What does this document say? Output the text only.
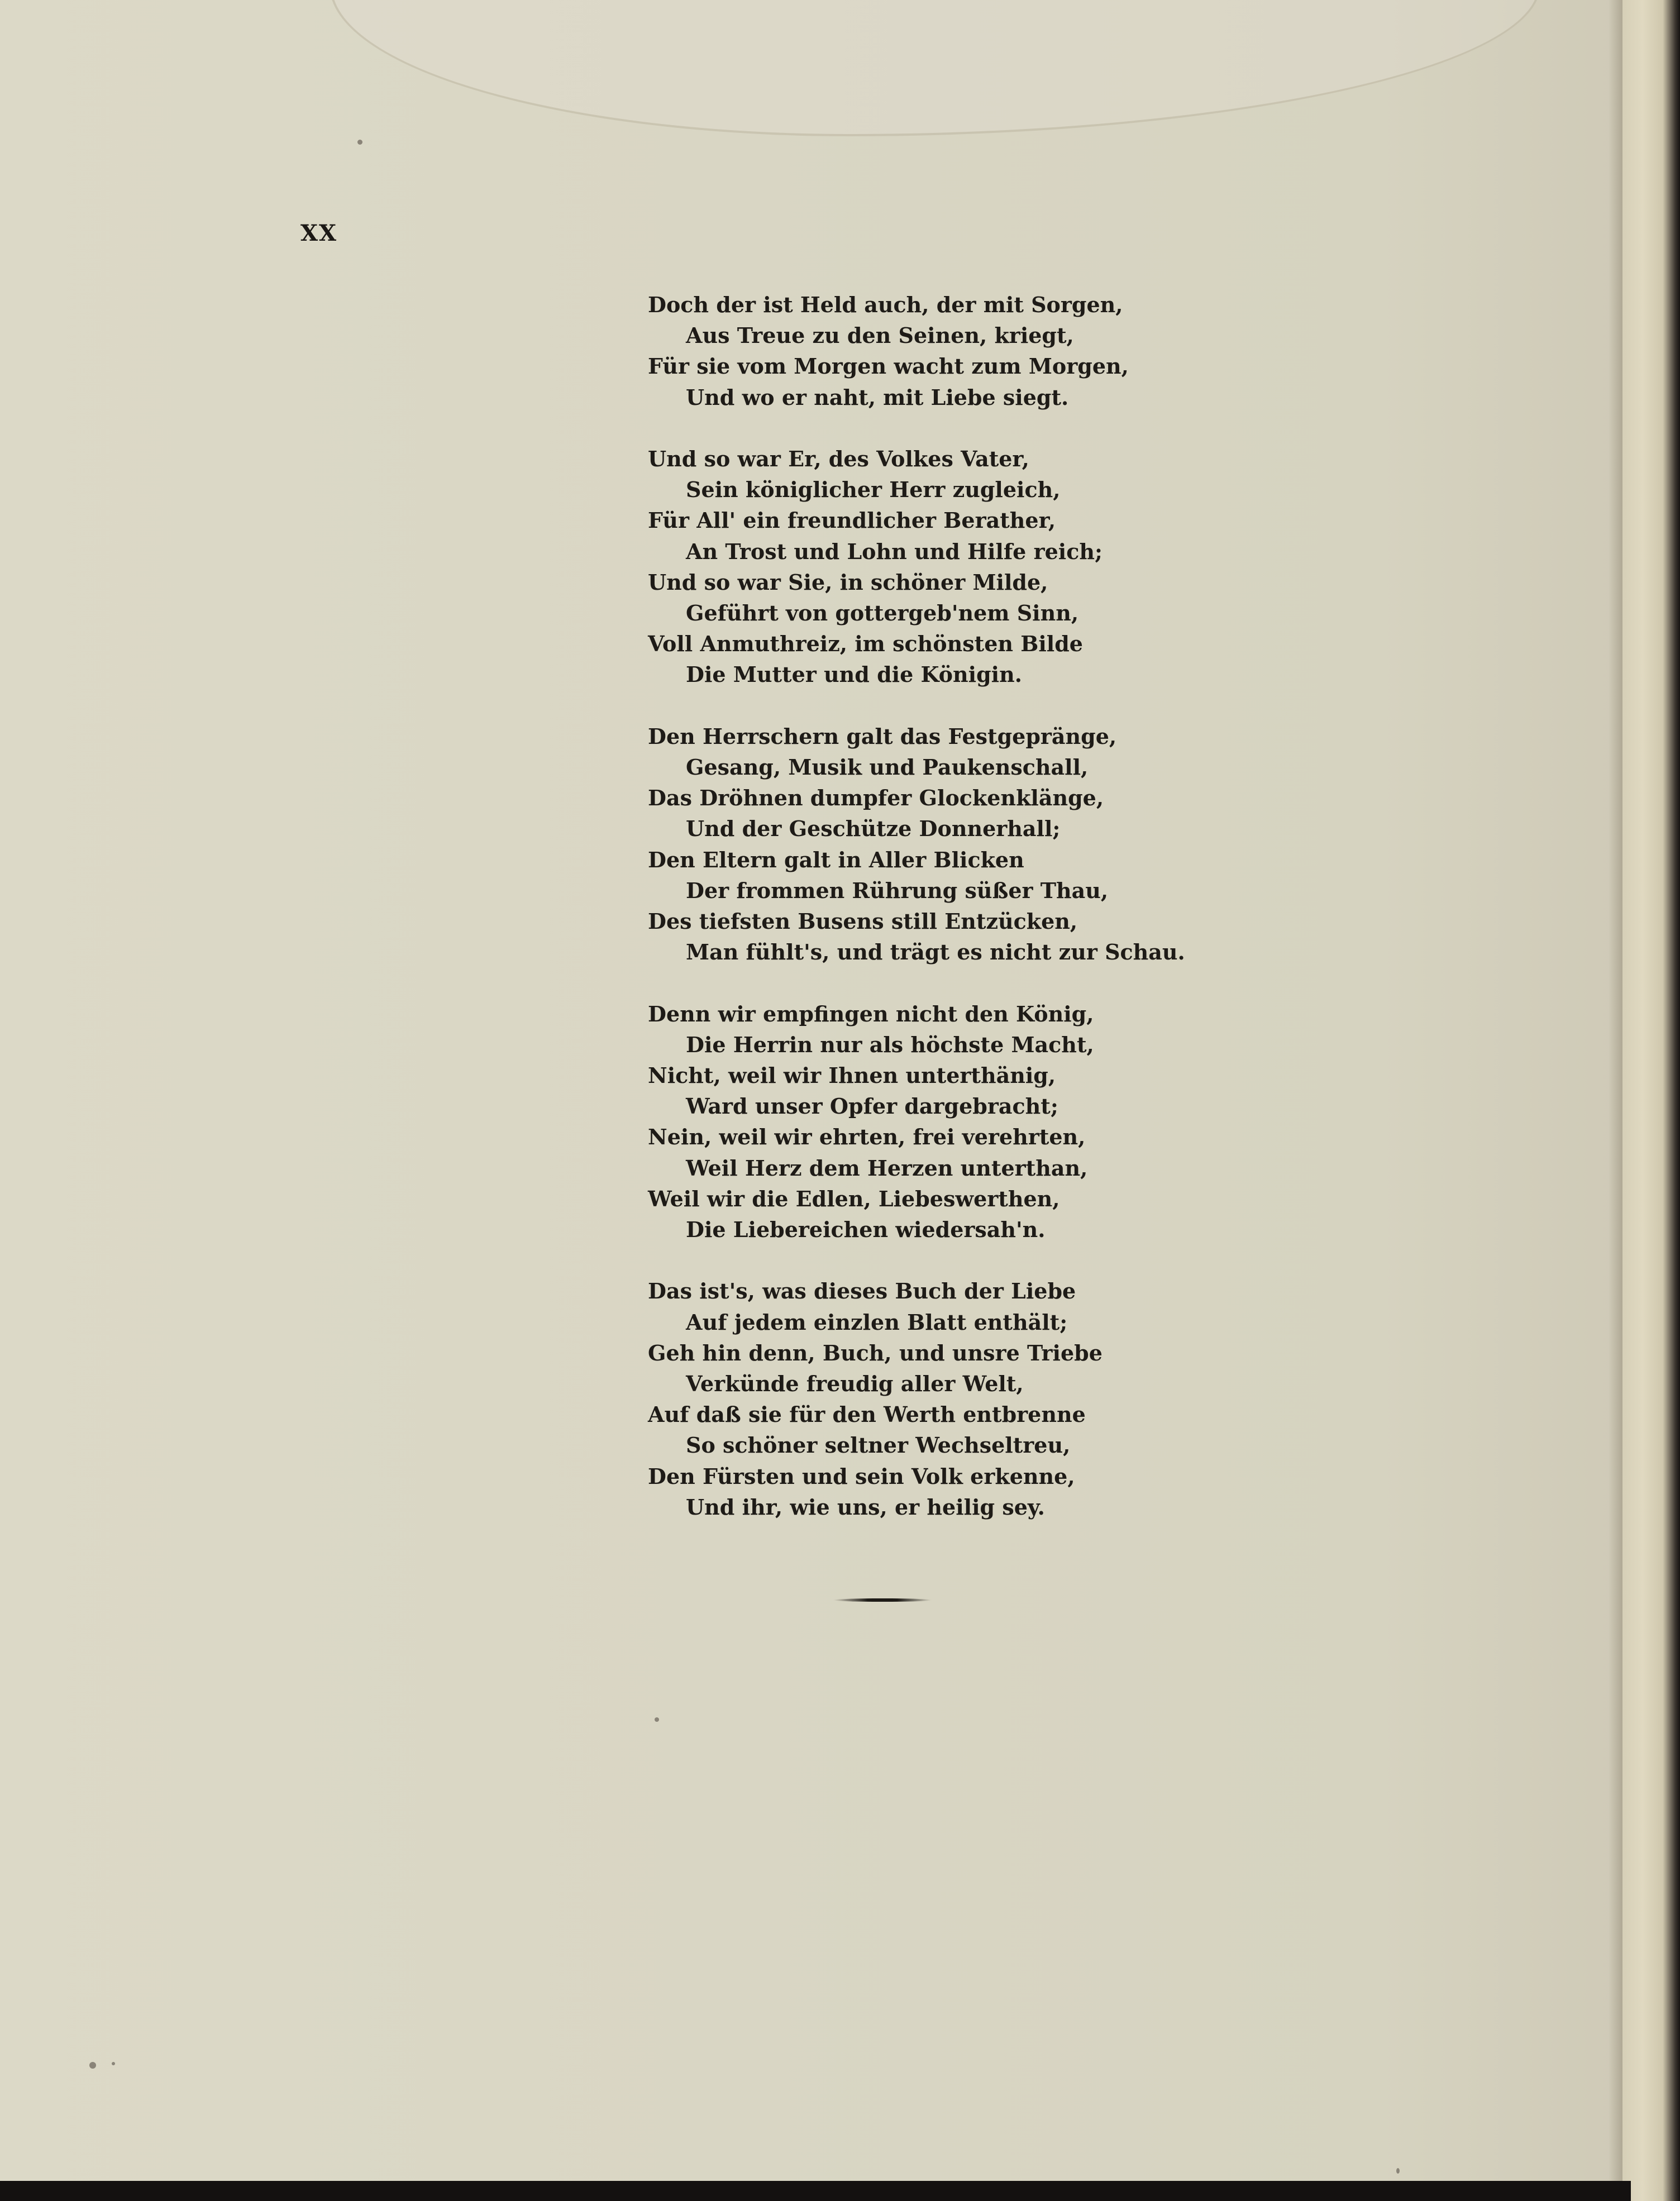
XX
Doch der ist Held auch, der mit Sorgen,
Aus Treue zu den Seinen, kriegt,
Für sie vom Morgen wacht zum Morgen,
Und wo er naht, mit Liebe siegt.
Und so war Er, des Volkes Vater,
Sein königlicher Herr zugleich,
Für All' ein freundlicher Berather,
An Trost und Lohn und Hilfe reich;
Und so war Sie, in schöner Milde,
Geführt von gottergeb'nem Sinn,
Voll Anmuthreiz, im schönsten Bilde
Die Mutter und die Königin.
Den Herrschern galt das Festgepränge,
Gesang, Musik und Paukenschall,
Das Dröhnen dumpfer Glockenklänge,
Und der Geschütze Donnerhall;
Den Eltern galt in Aller Blicken
Der frommen Rührung süßer Thau,
Des tiefsten Busens still Entzücken,
Man fühlt's, und trägt es nicht zur Schau.
Denn wir empfingen nicht den König,
Die Herrin nur als höchste Macht,
Nicht, weil wir Ihnen unterthänig,
Ward unser Opfer dargebracht;
Nein, weil wir ehrten, frei verehrten,
Weil Herz dem Herzen unterthan,
Weil wir die Edlen, Liebeswerthen,
Die Liebereichen wiedersah'n.
Das ist's, was dieses Buch der Liebe
Auf jedem einzlen Blatt enthält;
Geh hin denn, Buch, und unsre Triebe
Verkünde freudig aller Welt,
Auf daß sie für den Werth entbrenne
So schöner seltner Wechseltreu,
Den Fürsten und sein Volk erkenne,
Und ihr, wie uns, er heilig sey.
